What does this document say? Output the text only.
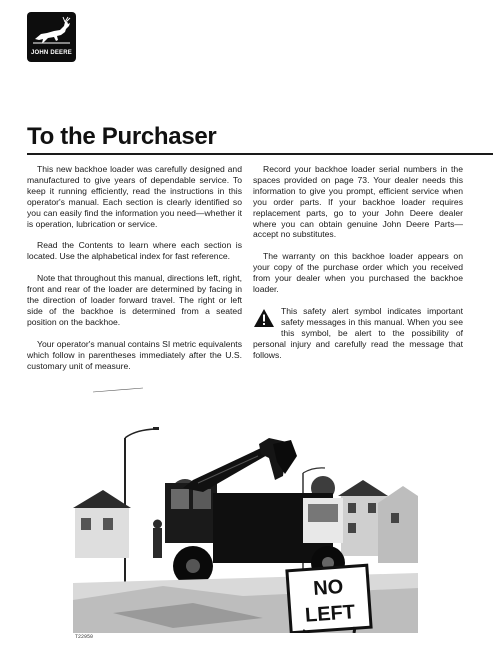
JOHN DEERE
To the Purchaser

This new backhoe loader was carefully designed and manufactured to give years of dependable service. To keep it running efficiently, read the instructions in this operator's manual. Each section is clearly identified so you can easily find the information you need—whether it is operation, lubrication or service.

Read the Contents to learn where each section is located. Use the alphabetical index for fast reference.

Note that throughout this manual, directions left, right, front and rear of the loader are determined by facing in the direction of loader forward travel. The right or left side of the backhoe is determined from a seated position on the backhoe.

Your operator's manual contains SI metric equivalents which follow in parentheses immediately after the U.S. customary unit of measure.

Record your backhoe loader serial numbers in the spaces provided on page 73. Your dealer needs this information to give you prompt, efficient service when you order parts. If your backhoe loader requires replacement parts, go to your John Deere dealer where you can obtain genuine John Deere Parts—accept no substitutes.

The warranty on this backhoe loader appears on your copy of the purchase order which you received from your dealer when you purchased the backhoe loader.

This safety alert symbol indicates important safety messages in this manual. When you see this symbol, be alert to the possibility of personal injury and carefully read the message that follows.

NO
LEFT
T22950
